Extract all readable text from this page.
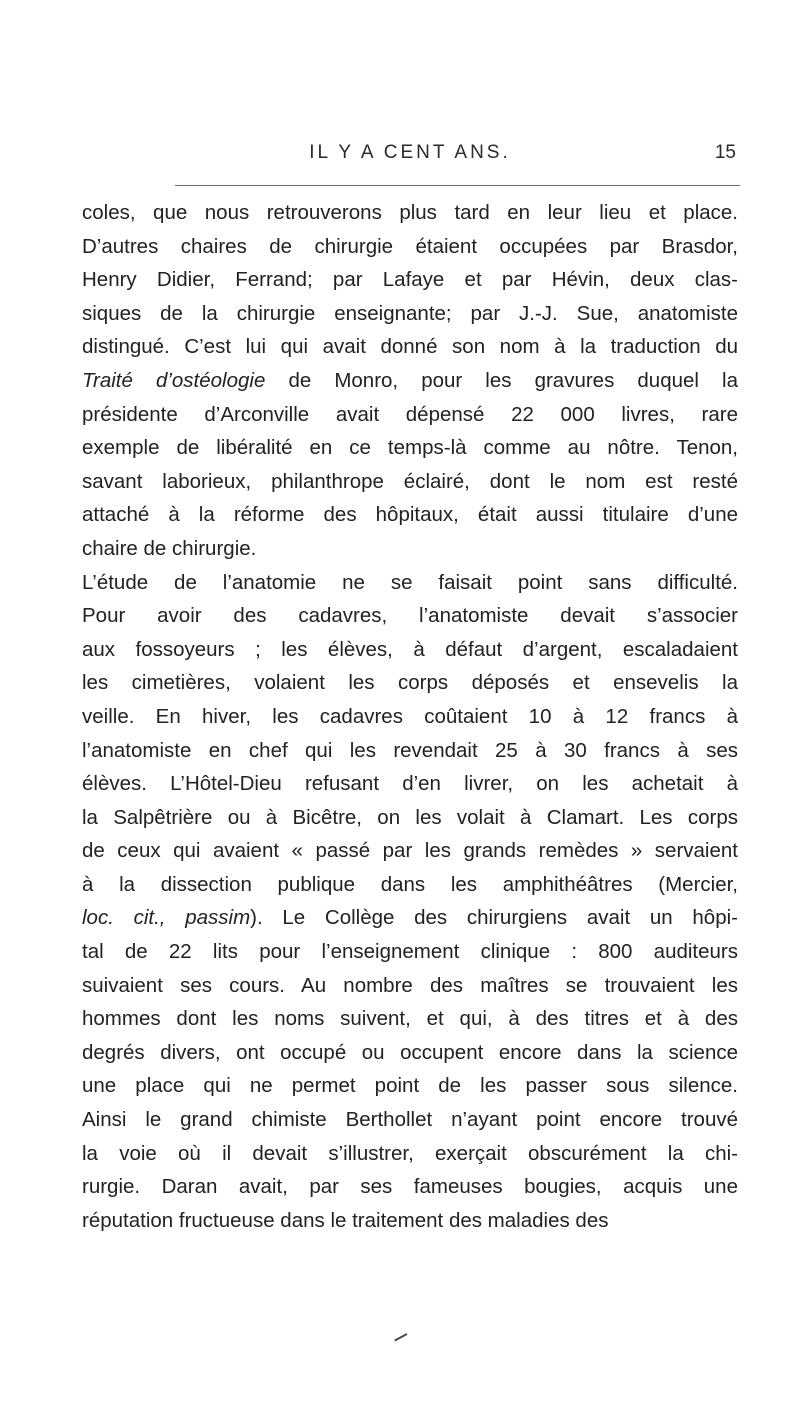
IL Y A CENT ANS.	15
coles, que nous retrouverons plus tard en leur lieu et place.
D’autres chaires de chirurgie étaient occupées par Brasdor,
Henry Didier, Ferrand; par Lafaye et par Hévin, deux clas-
siques de la chirurgie enseignante; par J.-J. Sue, anatomiste
distingué. C’est lui qui avait donné son nom à la traduction du
Traité d’ostéologie de Monro, pour les gravures duquel la
présidente d’Arconville avait dépensé 22 000 livres, rare
exemple de libéralité en ce temps-là comme au nôtre. Tenon,
savant laborieux, philanthrope éclairé, dont le nom est resté
attaché à la réforme des hôpitaux, était aussi titulaire d’une
chaire de chirurgie.
L’étude de l’anatomie ne se faisait point sans difficulté.
Pour avoir des cadavres, l’anatomiste devait s’associer
aux fossoyeurs ; les élèves, à défaut d’argent, escaladaient
les cimetières, volaient les corps déposés et ensevelis la
veille. En hiver, les cadavres coûtaient 10 à 12 francs à
l’anatomiste en chef qui les revendait 25 à 30 francs à ses
élèves. L’Hôtel-Dieu refusant d’en livrer, on les achetait à
la Salpêtrière ou à Bicêtre, on les volait à Clamart. Les corps
de ceux qui avaient « passé par les grands remèdes » servaient
à la dissection publique dans les amphithéâtres (Mercier,
loc. cit., passim). Le Collège des chirurgiens avait un hôpi-
tal de 22 lits pour l’enseignement clinique : 800 auditeurs
suivaient ses cours. Au nombre des maîtres se trouvaient les
hommes dont les noms suivent, et qui, à des titres et à des
degrés divers, ont occupé ou occupent encore dans la science
une place qui ne permet point de les passer sous silence.
Ainsi le grand chimiste Berthollet n’ayant point encore trouvé
la voie où il devait s’illustrer, exerçait obscurément la chi-
rurgie. Daran avait, par ses fameuses bougies, acquis une
réputation fructueuse dans le traitement des maladies des
